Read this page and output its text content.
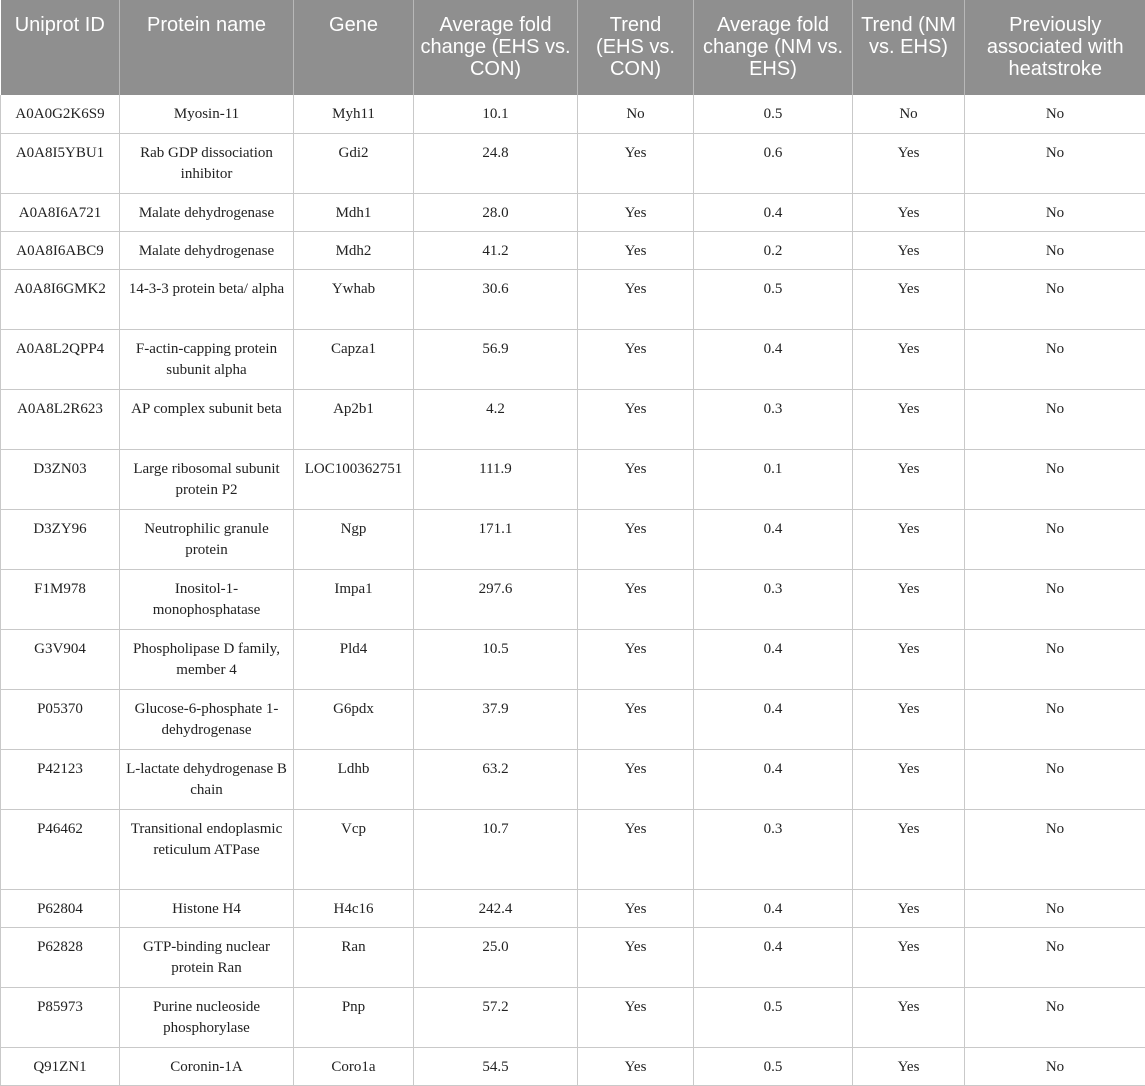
Uniprot ID	Protein name	Gene	Average fold change (EHS vs. CON)	Trend (EHS vs. CON)	Average fold change (NM vs. EHS)	Trend (NM vs. EHS)	Previously associated with heatstroke
A0A0G2K6S9	Myosin-11	Myh11	10.1	No	0.5	No	No
A0A8I5YBU1	Rab GDP dissociation inhibitor	Gdi2	24.8	Yes	0.6	Yes	No
A0A8I6A721	Malate dehydrogenase	Mdh1	28.0	Yes	0.4	Yes	No
A0A8I6ABC9	Malate dehydrogenase	Mdh2	41.2	Yes	0.2	Yes	No
A0A8I6GMK2	14-3-3 protein beta/ alpha	Ywhab	30.6	Yes	0.5	Yes	No
A0A8L2QPP4	F-actin-capping protein subunit alpha	Capza1	56.9	Yes	0.4	Yes	No
A0A8L2R623	AP complex subunit beta	Ap2b1	4.2	Yes	0.3	Yes	No
D3ZN03	Large ribosomal subunit protein P2	LOC100362751	111.9	Yes	0.1	Yes	No
D3ZY96	Neutrophilic granule protein	Ngp	171.1	Yes	0.4	Yes	No
F1M978	Inositol-1-monophosphatase	Impa1	297.6	Yes	0.3	Yes	No
G3V904	Phospholipase D family, member 4	Pld4	10.5	Yes	0.4	Yes	No
P05370	Glucose-6-phosphate 1-dehydrogenase	G6pdx	37.9	Yes	0.4	Yes	No
P42123	L-lactate dehydrogenase B chain	Ldhb	63.2	Yes	0.4	Yes	No
P46462	Transitional endoplasmic reticulum ATPase	Vcp	10.7	Yes	0.3	Yes	No
P62804	Histone H4	H4c16	242.4	Yes	0.4	Yes	No
P62828	GTP-binding nuclear protein Ran	Ran	25.0	Yes	0.4	Yes	No
P85973	Purine nucleoside phosphorylase	Pnp	57.2	Yes	0.5	Yes	No
Q91ZN1	Coronin-1A	Coro1a	54.5	Yes	0.5	Yes	No
